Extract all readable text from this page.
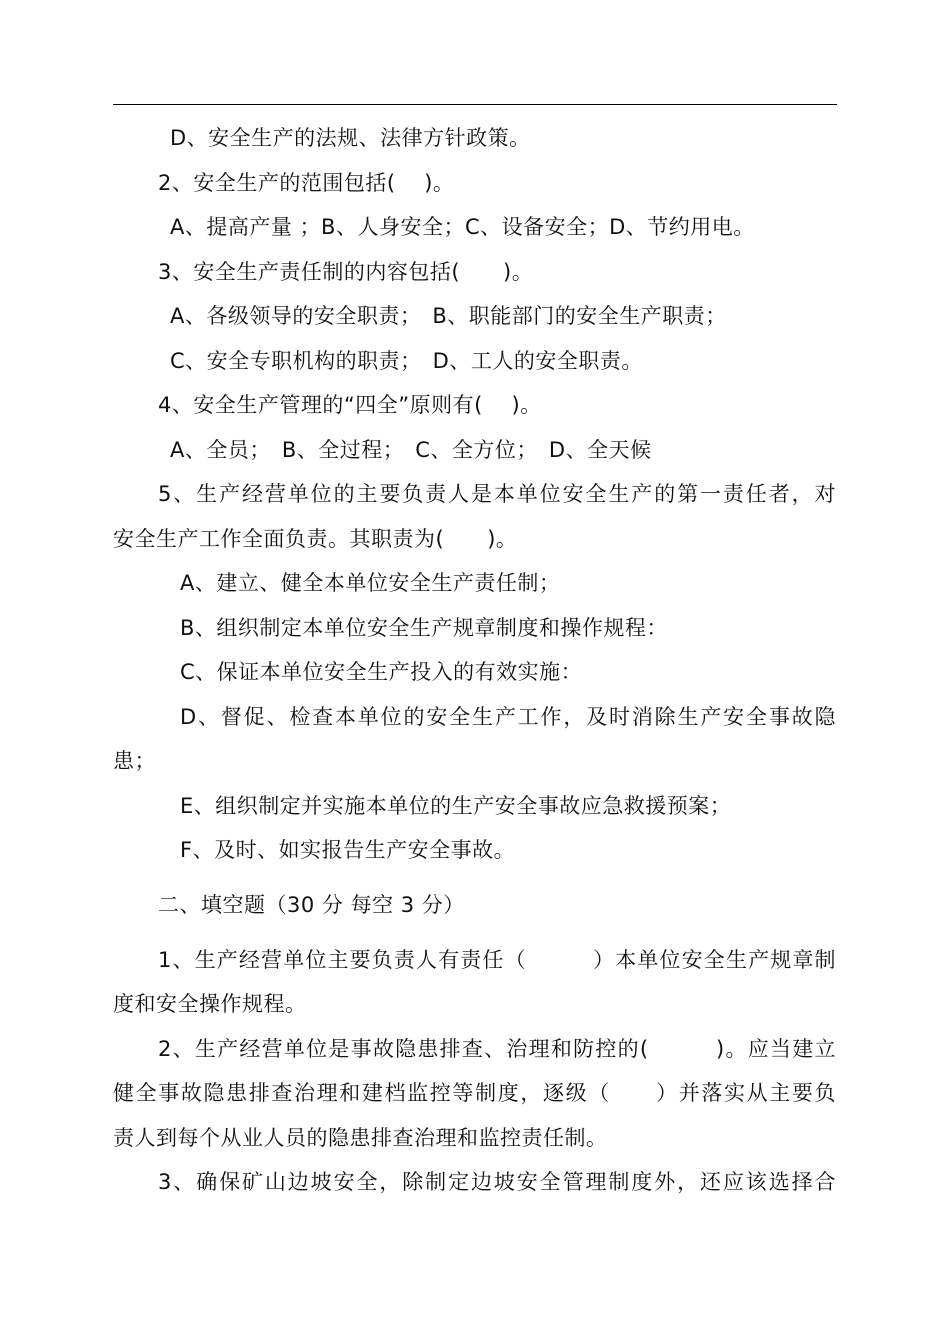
D、安全生产的法规、法律方针政策。
2、安全生产的范围包括(　 )。
A、提高产量 ；B、人身安全；C、设备安全；D、节约用电。
3、安全生产责任制的内容包括(　　)。
A、各级领导的安全职责；　B、职能部门的安全生产职责；
C、安全专职机构的职责；　D、工人的安全职责。
4、安全生产管理的“四全”原则有(　 )。
A、全员；　B、全过程；　C、全方位；　D、全天候
5、生产经营单位的主要负责人是本单位安全生产的第一责任者，对
安全生产工作全面负责。其职责为(　　)。
A、建立、健全本单位安全生产责任制；
B、组织制定本单位安全生产规章制度和操作规程：
C、保证本单位安全生产投入的有效实施：
D、督促、检查本单位的安全生产工作，及时消除生产安全事故隐
患；
E、组织制定并实施本单位的生产安全事故应急救援预案；
F、及时、如实报告生产安全事故。
二、填空题（30 分 每空 3 分）
1、生产经营单位主要负责人有责任（　　　）本单位安全生产规章制
度和安全操作规程。
2、生产经营单位是事故隐患排查、治理和防控的(　　　)。应当建立
健全事故隐患排查治理和建档监控等制度，逐级（　　）并落实从主要负
责人到每个从业人员的隐患排查治理和监控责任制。
3、确保矿山边坡安全，除制定边坡安全管理制度外，还应该选择合
